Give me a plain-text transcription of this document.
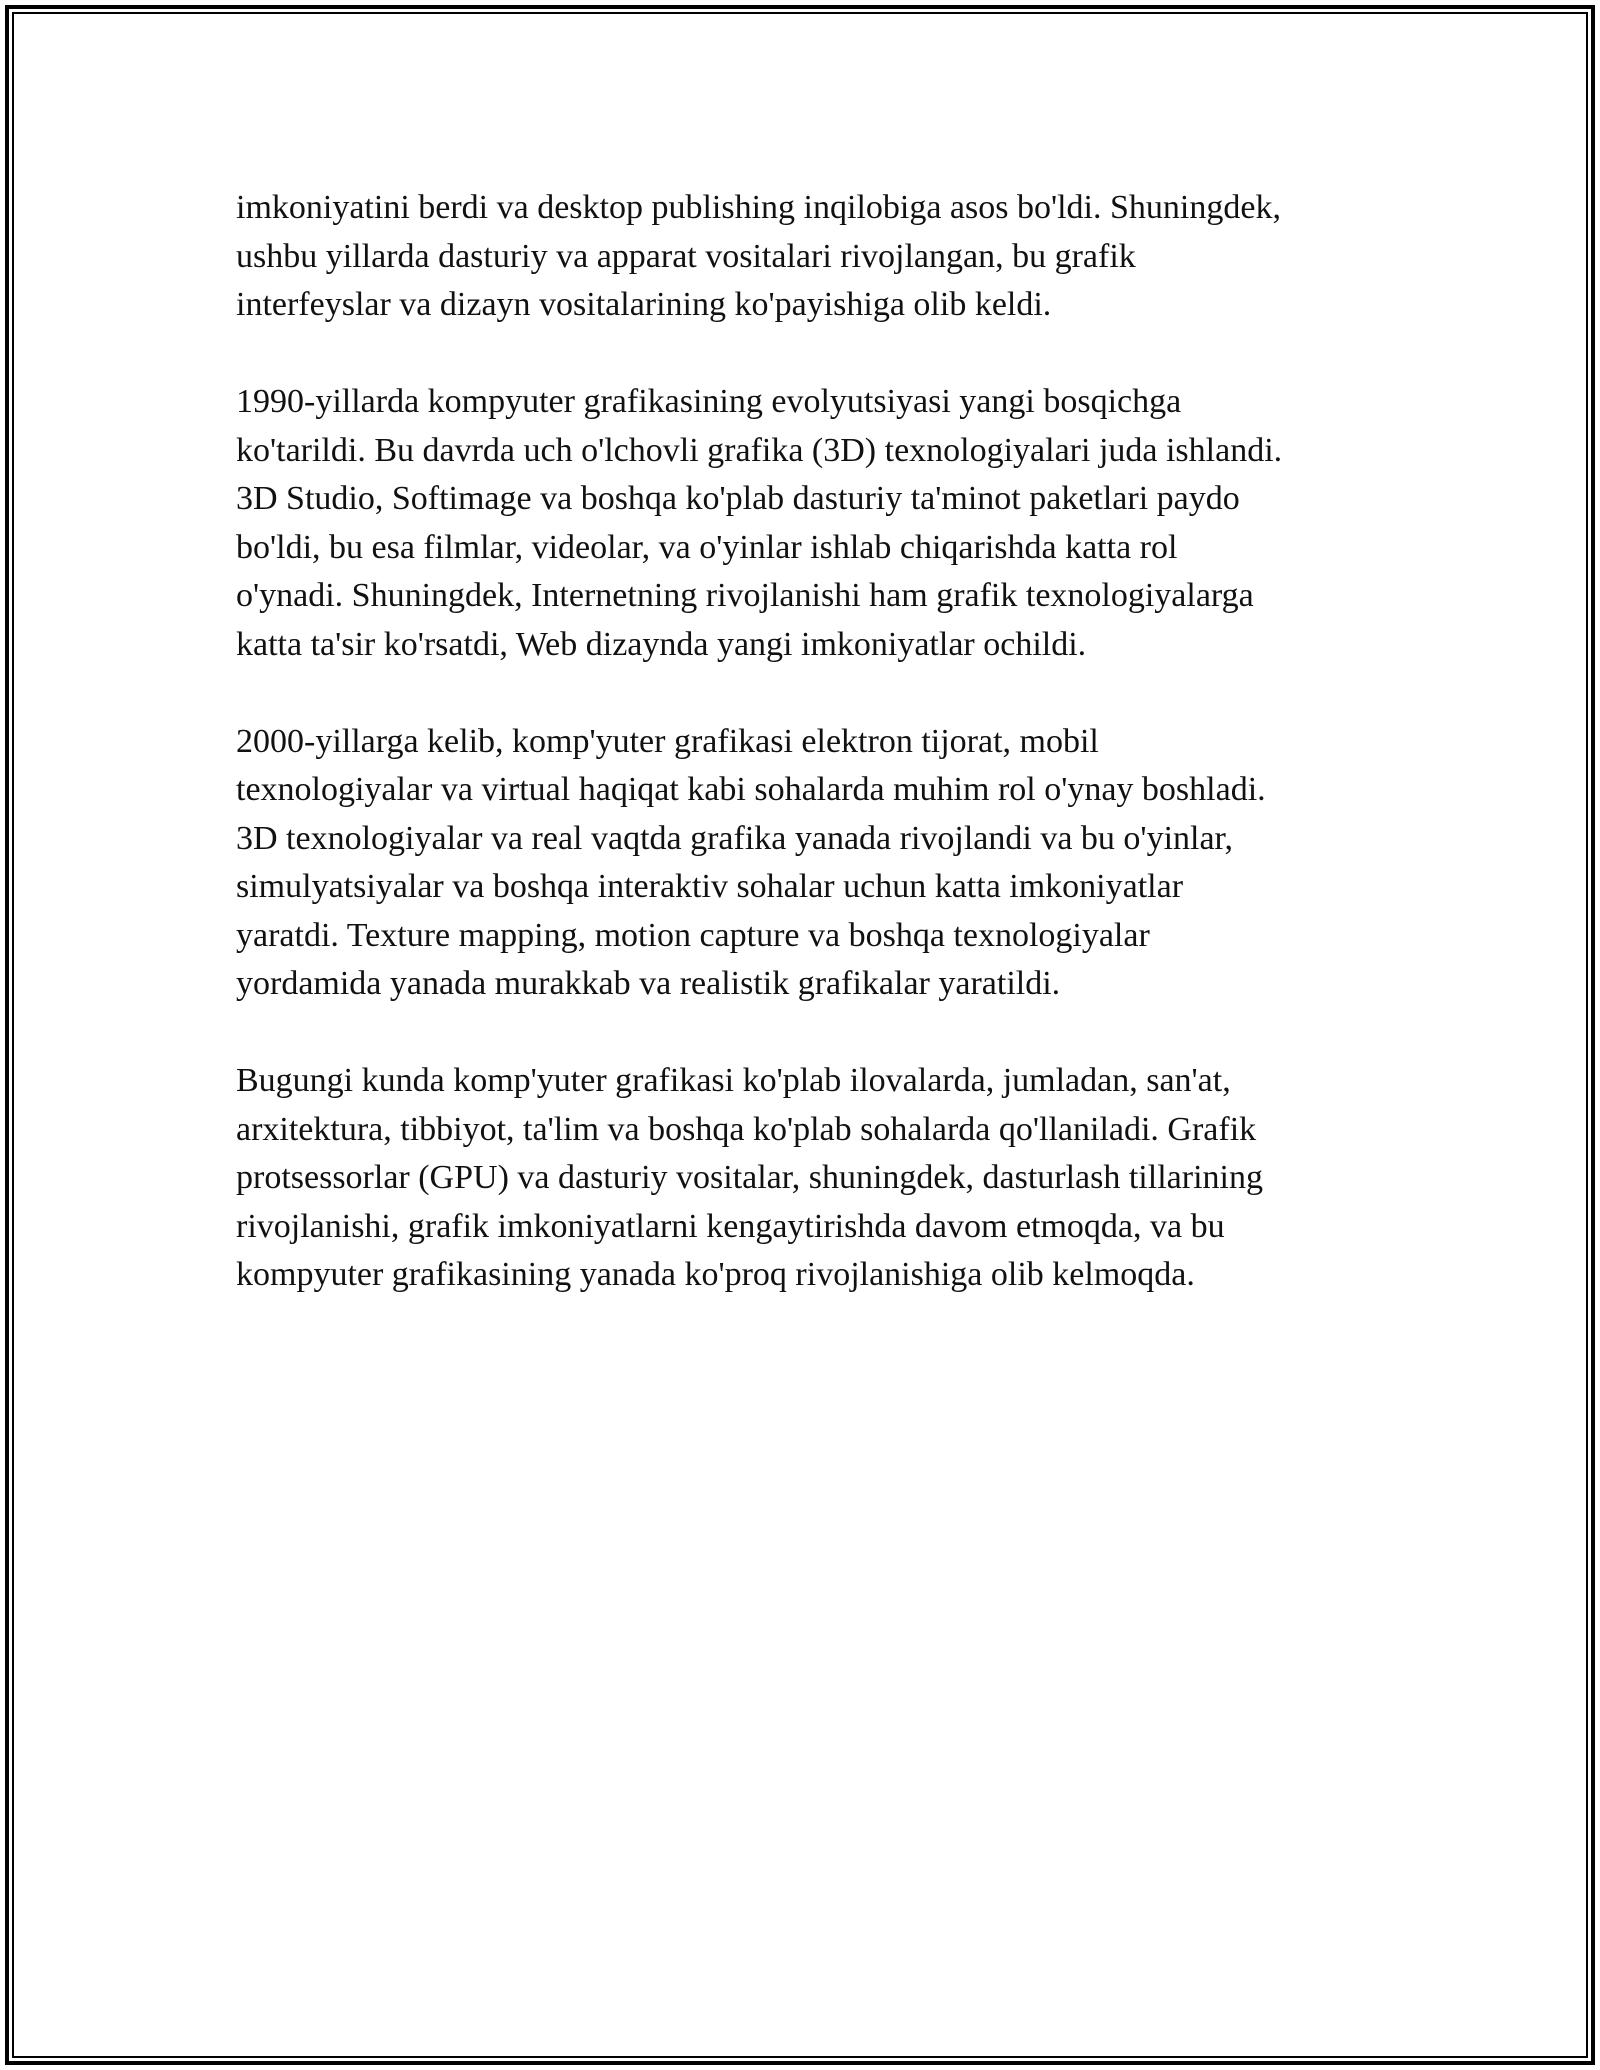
imkoniyatini berdi va desktop publishing inqilobiga asos bo'ldi. Shuningdek,
ushbu yillarda dasturiy va apparat vositalari rivojlangan, bu grafik
interfeyslar va dizayn vositalarining ko'payishiga olib keldi.

1990-yillarda kompyuter grafikasining evolyutsiyasi yangi bosqichga
ko'tarildi. Bu davrda uch o'lchovli grafika (3D) texnologiyalari juda ishlandi.
3D Studio, Softimage va boshqa ko'plab dasturiy ta'minot paketlari paydo
bo'ldi, bu esa filmlar, videolar, va o'yinlar ishlab chiqarishda katta rol
o'ynadi. Shuningdek, Internetning rivojlanishi ham grafik texnologiyalarga
katta ta'sir ko'rsatdi, Web dizaynda yangi imkoniyatlar ochildi.

2000-yillarga kelib, komp'yuter grafikasi elektron tijorat, mobil
texnologiyalar va virtual haqiqat kabi sohalarda muhim rol o'ynay boshladi.
3D texnologiyalar va real vaqtda grafika yanada rivojlandi va bu o'yinlar,
simulyatsiyalar va boshqa interaktiv sohalar uchun katta imkoniyatlar
yaratdi. Texture mapping, motion capture va boshqa texnologiyalar
yordamida yanada murakkab va realistik grafikalar yaratildi.

Bugungi kunda komp'yuter grafikasi ko'plab ilovalarda, jumladan, san'at,
arxitektura, tibbiyot, ta'lim va boshqa ko'plab sohalarda qo'llaniladi. Grafik
protsessorlar (GPU) va dasturiy vositalar, shuningdek, dasturlash tillarining
rivojlanishi, grafik imkoniyatlarni kengaytirishda davom etmoqda, va bu
kompyuter grafikasining yanada ko'proq rivojlanishiga olib kelmoqda.
